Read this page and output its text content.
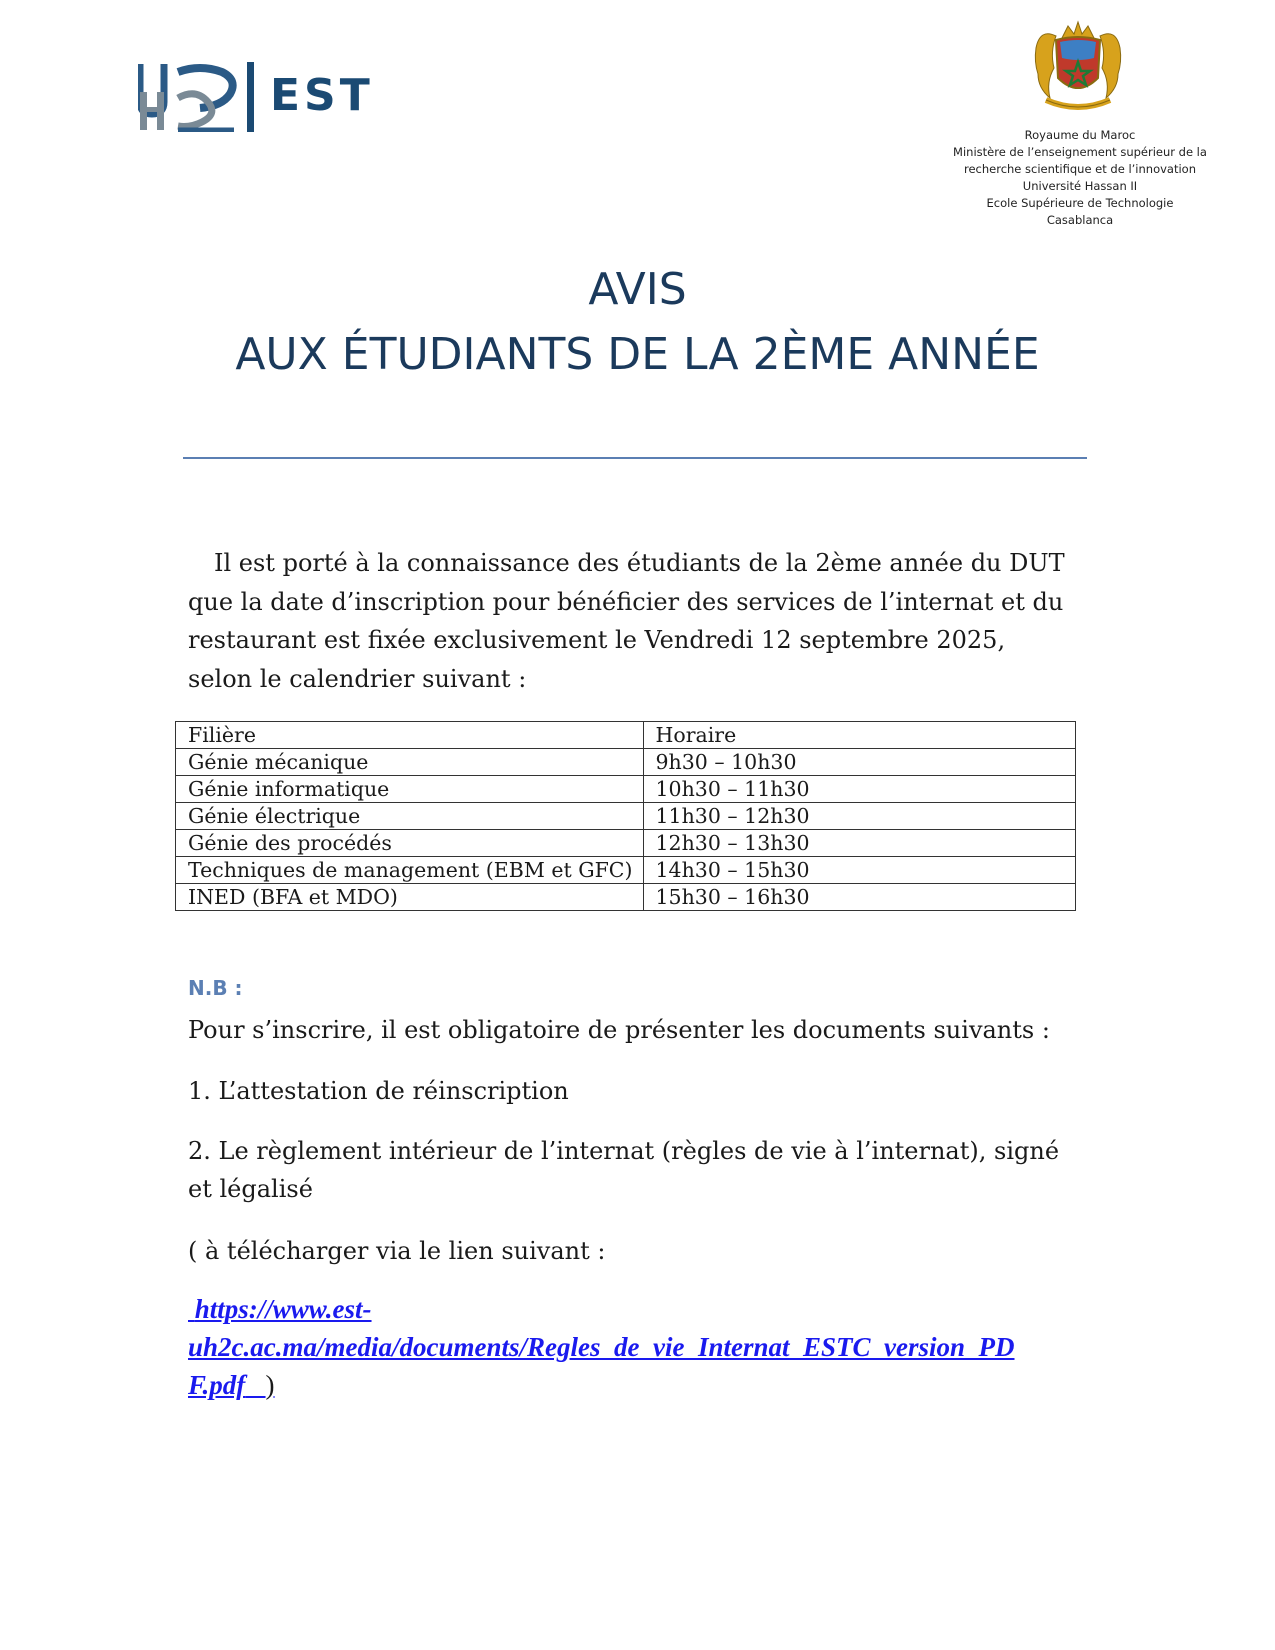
EST
Royaume du Maroc
Ministère de l’enseignement supérieur de la
recherche scientifique et de l’innovation
Université Hassan II
Ecole Supérieure de Technologie
Casablanca
AVIS
AUX ÉTUDIANTS DE LA 2ÈME ANNÉE
Il est porté à la connaissance des étudiants de la 2ème année du DUT
que la date d’inscription pour bénéficier des services de l’internat et du
restaurant est fixée exclusivement le Vendredi 12 septembre 2025,
selon le calendrier suivant :
Filière	Horaire
Génie mécanique	9h30 – 10h30
Génie informatique	10h30 – 11h30
Génie électrique	11h30 – 12h30
Génie des procédés	12h30 – 13h30
Techniques de management (EBM et GFC)	14h30 – 15h30
INED (BFA et MDO)	15h30 – 16h30
N.B :
Pour s’inscrire, il est obligatoire de présenter les documents suivants :
1. L’attestation de réinscription
2. Le règlement intérieur de l’internat (règles de vie à l’internat), signé
et légalisé
( à télécharger via le lien suivant :
https://www.est-
uh2c.ac.ma/media/documents/Regles_de_vie_Internat_ESTC_version_PD
F.pdf )
